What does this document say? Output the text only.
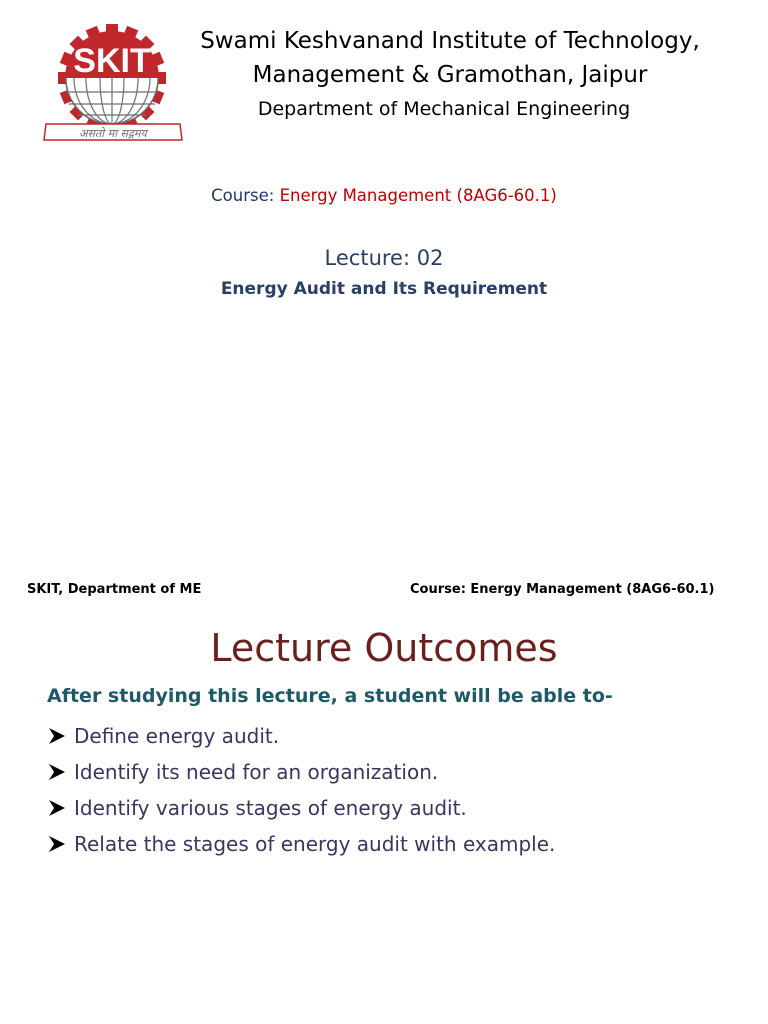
SKIT
असतो मा सद्गमय
Swami Keshvanand Institute of Technology,
Management & Gramothan, Jaipur
Department of Mechanical Engineering
Course: Energy Management (8AG6-60.1)
Lecture: 02
Energy Audit and Its Requirement
SKIT, Department of ME	Course: Energy Management (8AG6-60.1)
Lecture Outcomes
After studying this lecture, a student will be able to-
Define energy audit.
Identify its need for an organization.
Identify various stages of energy audit.
Relate the stages of energy audit with example.
